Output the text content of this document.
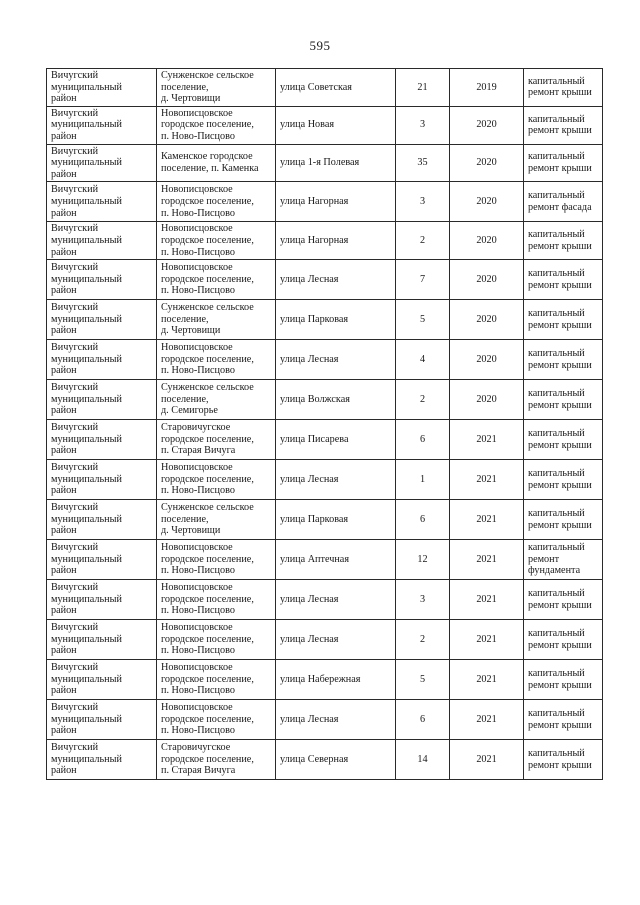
595
Вичугский
муниципальный
район	Сунженское сельское
поселение,
д. Чертовищи	улица Советская	21	2019	капитальный
ремонт крыши

Вичугский
муниципальный
район	Новописцовское
городское поселение,
п. Ново-Писцово	улица Новая	3	2020	капитальный
ремонт крыши

Вичугский
муниципальный
район	Каменское городское
поселение, п. Каменка	улица 1-я Полевая	35	2020	капитальный
ремонт крыши

Вичугский
муниципальный
район	Новописцовское
городское поселение,
п. Ново-Писцово	улица Нагорная	3	2020	капитальный
ремонт фасада

Вичугский
муниципальный
район	Новописцовское
городское поселение,
п. Ново-Писцово	улица Нагорная	2	2020	капитальный
ремонт крыши

Вичугский
муниципальный
район	Новописцовское
городское поселение,
п. Ново-Писцово	улица Лесная	7	2020	капитальный
ремонт крыши

Вичугский
муниципальный
район	Сунженское сельское
поселение,
д. Чертовищи	улица Парковая	5	2020	капитальный
ремонт крыши

Вичугский
муниципальный
район	Новописцовское
городское поселение,
п. Ново-Писцово	улица Лесная	4	2020	капитальный
ремонт крыши

Вичугский
муниципальный
район	Сунженское сельское
поселение,
д. Семигорье	улица Волжская	2	2020	капитальный
ремонт крыши

Вичугский
муниципальный
район	Старовичугское
городское поселение,
п. Старая Вичуга	улица Писарева	6	2021	капитальный
ремонт крыши

Вичугский
муниципальный
район	Новописцовское
городское поселение,
п. Ново-Писцово	улица Лесная	1	2021	капитальный
ремонт крыши

Вичугский
муниципальный
район	Сунженское сельское
поселение,
д. Чертовищи	улица Парковая	6	2021	капитальный
ремонт крыши

Вичугский
муниципальный
район	Новописцовское
городское поселение,
п. Ново-Писцово	улица Аптечная	12	2021	капитальный
ремонт
фундамента

Вичугский
муниципальный
район	Новописцовское
городское поселение,
п. Ново-Писцово	улица Лесная	3	2021	капитальный
ремонт крыши

Вичугский
муниципальный
район	Новописцовское
городское поселение,
п. Ново-Писцово	улица Лесная	2	2021	капитальный
ремонт крыши

Вичугский
муниципальный
район	Новописцовское
городское поселение,
п. Ново-Писцово	улица Набережная	5	2021	капитальный
ремонт крыши

Вичугский
муниципальный
район	Новописцовское
городское поселение,
п. Ново-Писцово	улица Лесная	6	2021	капитальный
ремонт крыши

Вичугский
муниципальный
район	Старовичугское
городское поселение,
п. Старая Вичуга	улица Северная	14	2021	капитальный
ремонт крыши
